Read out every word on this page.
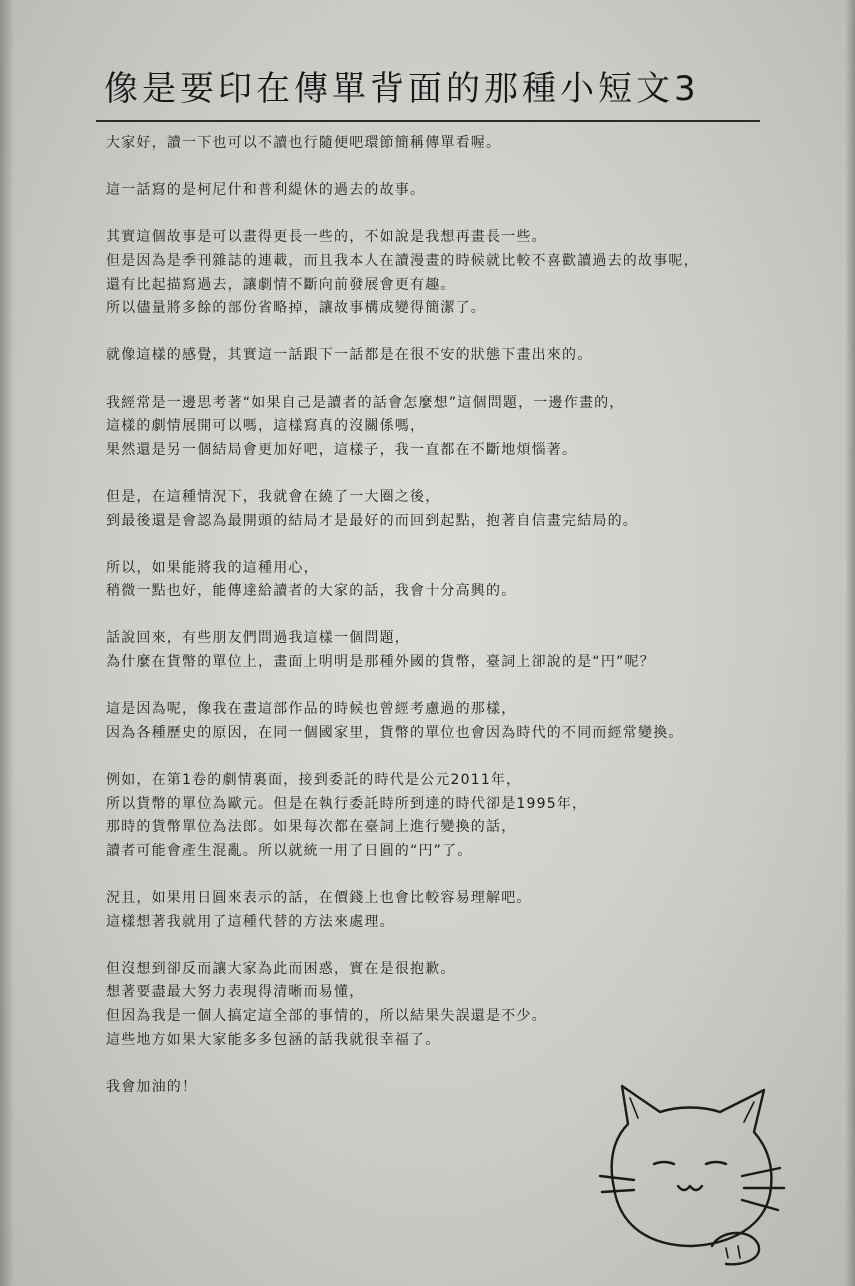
像是要印在傳單背面的那種小短文3

大家好，讀一下也可以不讀也行隨便吧環節簡稱傳單看喔。

這一話寫的是柯尼什和普利緹休的過去的故事。

其實這個故事是可以畫得更長一些的，不如說是我想再畫長一些。
但是因為是季刊雜誌的連載，而且我本人在讀漫畫的時候就比較不喜歡讀過去的故事呢，
還有比起描寫過去，讓劇情不斷向前發展會更有趣。
所以儘量將多餘的部份省略掉，讓故事構成變得簡潔了。

就像這樣的感覺，其實這一話跟下一話都是在很不安的狀態下畫出來的。

我經常是一邊思考著“如果自己是讀者的話會怎麼想”這個問題，一邊作畫的，
這樣的劇情展開可以嗎，這樣寫真的沒關係嗎，
果然還是另一個結局會更加好吧，這樣子，我一直都在不斷地煩惱著。

但是，在這種情況下，我就會在繞了一大圈之後，
到最後還是會認為最開頭的結局才是最好的而回到起點，抱著自信畫完結局的。

所以，如果能將我的這種用心，
稍微一點也好，能傳達給讀者的大家的話，我會十分高興的。

話說回來，有些朋友們問過我這樣一個問題，
為什麼在貨幣的單位上，畫面上明明是那種外國的貨幣，臺詞上卻說的是“円”呢？

這是因為呢，像我在畫這部作品的時候也曾經考慮過的那樣，
因為各種歷史的原因，在同一個國家里，貨幣的單位也會因為時代的不同而經常變換。

例如，在第1卷的劇情裏面，接到委託的時代是公元2011年，
所以貨幣的單位為歐元。但是在執行委託時所到達的時代卻是1995年，
那時的貨幣單位為法郎。如果每次都在臺詞上進行變換的話，
讀者可能會產生混亂。所以就統一用了日圓的“円”了。

況且，如果用日圓來表示的話，在價錢上也會比較容易理解吧。
這樣想著我就用了這種代替的方法來處理。

但沒想到卻反而讓大家為此而困惑，實在是很抱歉。
想著要盡最大努力表現得清晰而易懂，
但因為我是一個人搞定這全部的事情的，所以結果失誤還是不少。
這些地方如果大家能多多包涵的話我就很幸福了。

我會加油的！
